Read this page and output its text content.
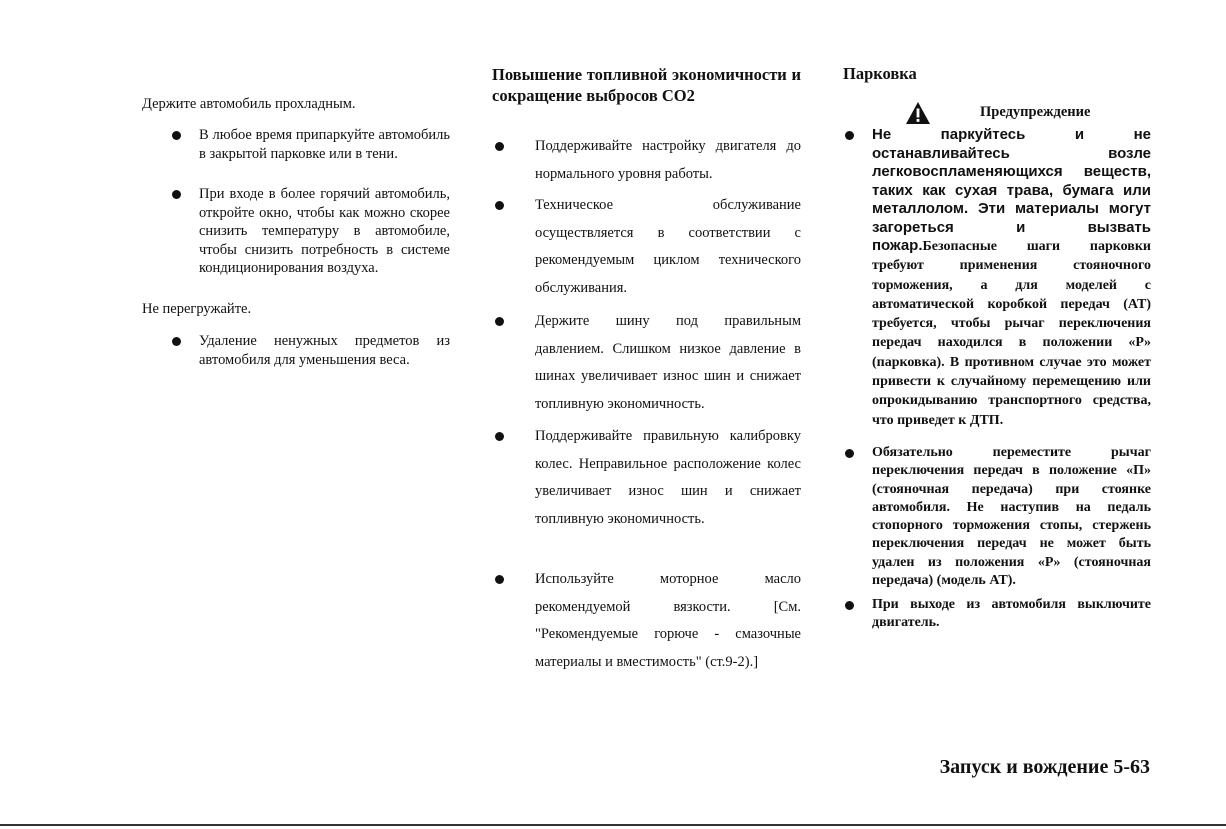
Держите автомобиль прохладным.
В любое время припаркуйте автомобиль в закрытой парковке или в тени.
При входе в более горячий автомобиль, откройте окно, чтобы как можно скорее снизить температуру в автомобиле, чтобы снизить потребность в системе кондиционирования воздуха.
Не перегружайте.
Удаление ненужных предметов из автомобиля для уменьшения веса.
Повышение топливной экономичности и сокращение выбросов CO2
Поддерживайте настройку двигателя до нормального уровня работы.
Техническое обслуживание осуществляется в соответствии с рекомендуемым циклом технического обслуживания.
Держите шину под правильным давлением. Слишком низкое давление в шинах увеличивает износ шин и снижает топливную экономичность.
Поддерживайте правильную калибровку колес. Неправильное расположение колес увеличивает износ шин и снижает топливную экономичность.
Используйте моторное масло рекомендуемой вязкости. [См. "Рекомендуемые горюче - смазочные материалы и вместимость" (ст.9-2).]
Парковка
Предупреждение
Не паркуйтесь и не останавливайтесь возле легковоспламеняющихся веществ, таких как сухая трава, бумага или металлолом. Эти материалы могут загореться и вызвать пожар.Безопасные шаги парковки требуют применения стояночного торможения, а для моделей с автоматической коробкой передач (AT) требуется, чтобы рычаг переключения передач находился в положении «P» (парковка). В противном случае это может привести к случайному перемещению или опрокидыванию транспортного средства, что приведет к ДТП.
Обязательно переместите рычаг переключения передач в положение «П» (стояночная передача) при стоянке автомобиля. Не наступив на педаль стопорного торможения стопы, стержень переключения передач не может быть удален из положения «P» (стояночная передача) (модель AT).
При выходе из автомобиля выключите двигатель.
Запуск и вождение 5-63
